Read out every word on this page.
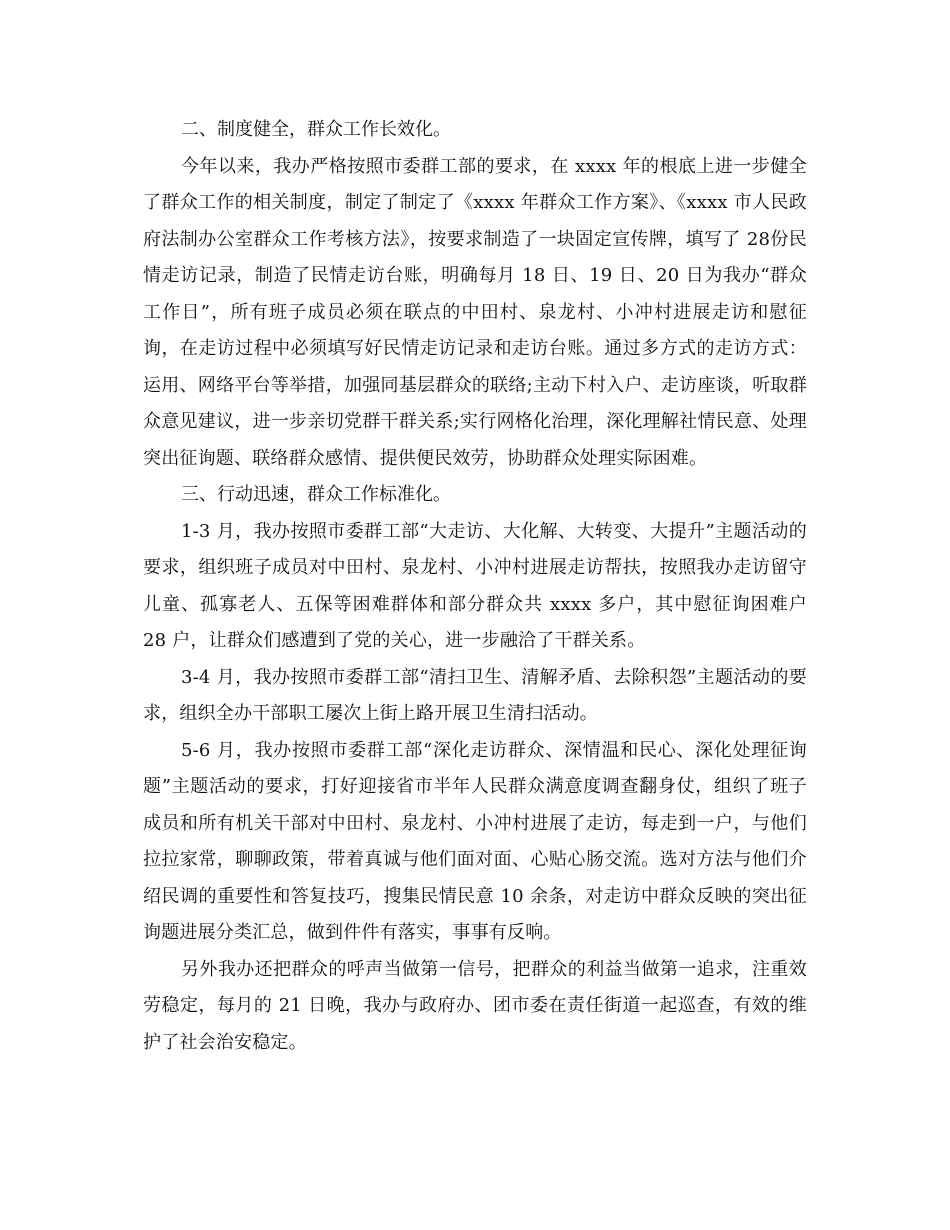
二、制度健全，群众工作长效化。

今年以来，我办严格按照市委群工部的要求，在 xxxx 年的根底上进一步健全了群众工作的相关制度，制定了制定了《xxxx 年群众工作方案》、《xxxx 市人民政府法制办公室群众工作考核方法》，按要求制造了一块固定宣传牌，填写了 28份民情走访记录，制造了民情走访台账，明确每月 18 日、19 日、20 日为我办“群众工作日”，所有班子成员必须在联点的中田村、泉龙村、小冲村进展走访和慰征询，在走访过程中必须填写好民情走访记录和走访台账。通过多方式的走访方式：运用、网络平台等举措，加强同基层群众的联络;主动下村入户、走访座谈，听取群众意见建议，进一步亲切党群干群关系;实行网格化治理，深化理解社情民意、处理突出征询题、联络群众感情、提供便民效劳，协助群众处理实际困难。

三、行动迅速，群众工作标准化。

1-3 月，我办按照市委群工部“大走访、大化解、大转变、大提升”主题活动的要求，组织班子成员对中田村、泉龙村、小冲村进展走访帮扶，按照我办走访留守儿童、孤寡老人、五保等困难群体和部分群众共 xxxx 多户，其中慰征询困难户 28 户，让群众们感遭到了党的关心，进一步融洽了干群关系。

3-4 月，我办按照市委群工部“清扫卫生、清解矛盾、去除积怨”主题活动的要求，组织全办干部职工屡次上街上路开展卫生清扫活动。

5-6 月，我办按照市委群工部“深化走访群众、深情温和民心、深化处理征询题”主题活动的要求，打好迎接省市半年人民群众满意度调查翻身仗，组织了班子成员和所有机关干部对中田村、泉龙村、小冲村进展了走访，每走到一户，与他们拉拉家常，聊聊政策，带着真诚与他们面对面、心贴心肠交流。选对方法与他们介绍民调的重要性和答复技巧，搜集民情民意 10 余条，对走访中群众反映的突出征询题进展分类汇总，做到件件有落实，事事有反响。

另外我办还把群众的呼声当做第一信号，把群众的利益当做第一追求，注重效劳稳定，每月的 21 日晚，我办与政府办、团市委在责任街道一起巡查，有效的维护了社会治安稳定。
